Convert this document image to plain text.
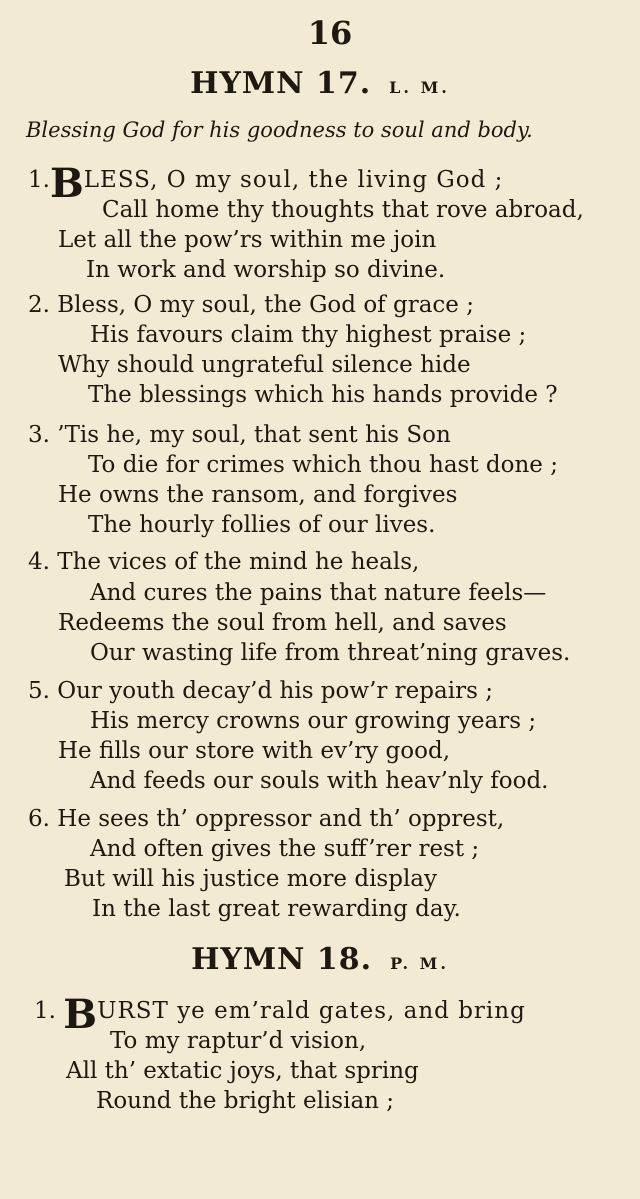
16
HYMN 17. L. M.
Blessing God for his goodness to soul and body.
1.BLESS, O my soul, the living God ;
Call home thy thoughts that rove abroad,
Let all the pow’rs within me join
In work and worship so divine.
2. Bless, O my soul, the God of grace ;
His favours claim thy highest praise ;
Why should ungrateful silence hide
The blessings which his hands provide ?
3. ’Tis he, my soul, that sent his Son
To die for crimes which thou hast done ;
He owns the ransom, and forgives
The hourly follies of our lives.
4. The vices of the mind he heals,
And cures the pains that nature feels—
Redeems the soul from hell, and saves
Our wasting life from threat’ning graves.
5. Our youth decay’d his pow’r repairs ;
His mercy crowns our growing years ;
He fills our store with ev’ry good,
And feeds our souls with heav’nly food.
6. He sees th’ oppressor and th’ opprest,
And often gives the suff’rer rest ;
But will his justice more display
In the last great rewarding day.
HYMN 18. P. M.
1. BURST ye em’rald gates, and bring
To my raptur’d vision,
All th’ extatic joys, that spring
Round the bright elisian ;
